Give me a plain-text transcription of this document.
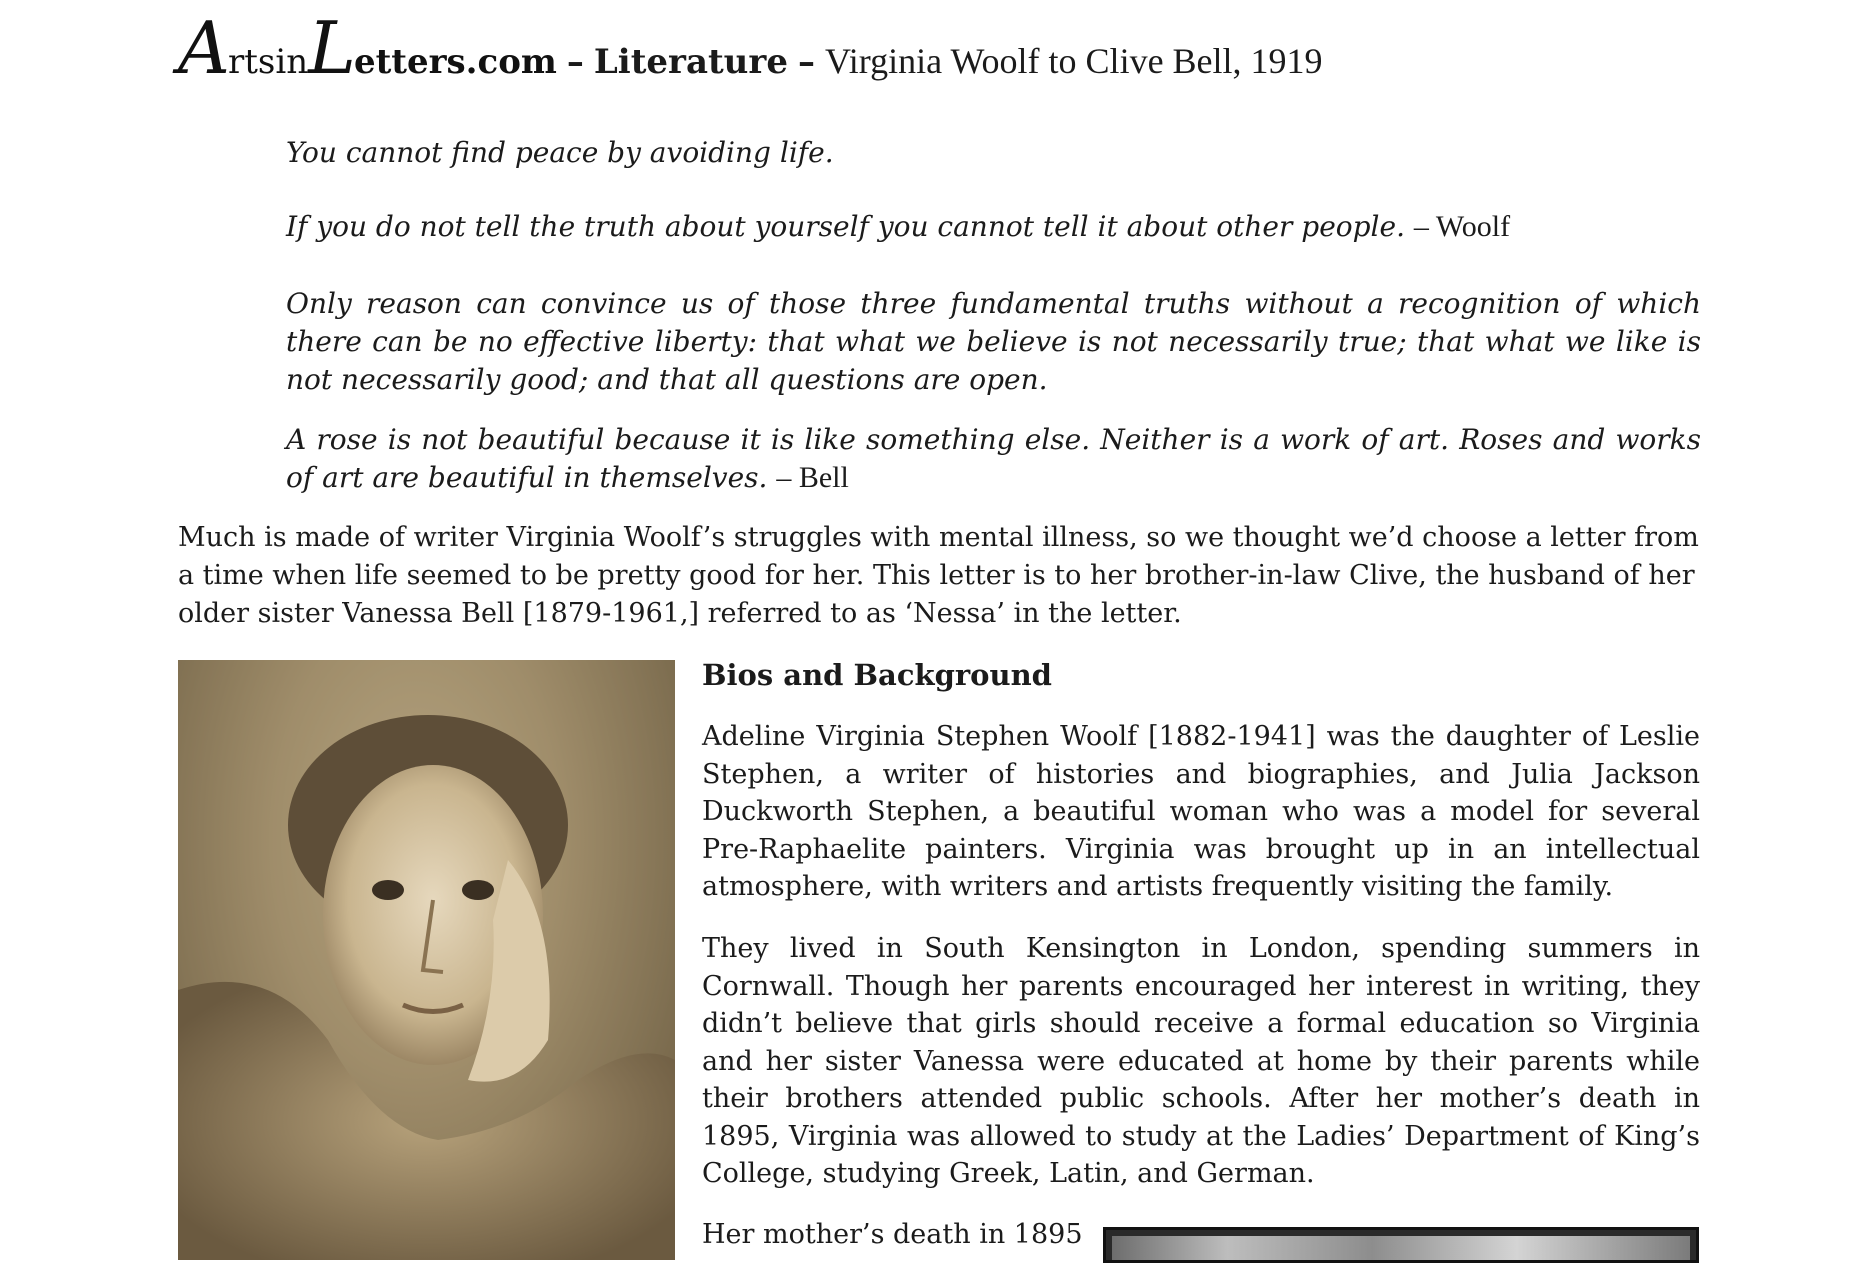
A rtsin L etters.com – Literature – Virginia Woolf to Clive Bell, 1919

You cannot find peace by avoiding life.

If you do not tell the truth about yourself you cannot tell it about other people. – Woolf

Only reason can convince us of those three fundamental truths without a recognition of which there can be no effective liberty: that what we believe is not necessarily true; that what we like is not necessarily good; and that all questions are open.

A rose is not beautiful because it is like something else. Neither is a work of art. Roses and works of art are beautiful in themselves. – Bell

Much is made of writer Virginia Woolf’s struggles with mental illness, so we thought we’d choose a letter from a time when life seemed to be pretty good for her. This letter is to her brother-in-law Clive, the husband of her older sister Vanessa Bell [1879-1961,] referred to as ‘Nessa’ in the letter.

Bios and Background

Adeline Virginia Stephen Woolf [1882-1941] was the daughter of Leslie Stephen, a writer of histories and biographies, and Julia Jackson Duckworth Stephen, a beautiful woman who was a model for several Pre-Raphaelite painters. Virginia was brought up in an intellectual atmosphere, with writers and artists frequently visiting the family.

They lived in South Kensington in London, spending summers in Cornwall. Though her parents encouraged her interest in writing, they didn’t believe that girls should receive a formal education so Virginia and her sister Vanessa were educated at home by their parents while their brothers attended public schools. After her mother’s death in 1895, Virginia was allowed to study at the Ladies’ Department of King’s College, studying Greek, Latin, and German.

Her mother’s death in 1895
